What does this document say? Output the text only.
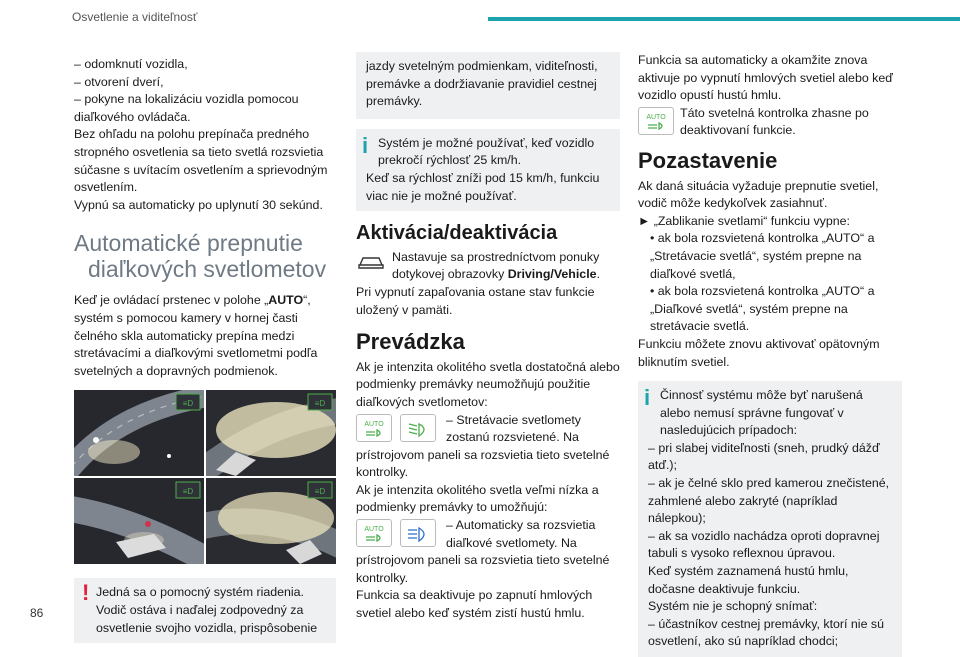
Osvetlenie a viditeľnosť

– odomknutí vozidla,

– otvorení dverí,

– pokyne na lokalizáciu vozidla pomocou

diaľkového ovládača.

Bez ohľadu na polohu prepínača predného

stropného osvetlenia sa tieto svetlá rozsvietia

súčasne s uvítacím osvetlením a sprievodným

osvetlením.

Vypnú sa automaticky po uplynutí 30 sekúnd.

Automatické prepnutie
diaľkových svetlometov

Keď je ovládací prstenec v polohe „AUTO“, systém s pomocou kamery v hornej časti čelného skla automaticky prepína medzi stretávacími a diaľkovými svetlometmi podľa svetelných a dopravných podmienok.

≡D	≡D
≡D	≡D
! Jedná sa o pomocný systém riadenia. Vodič ostáva i naďalej zodpovedný za osvetlenie svojho vozidla, prispôsobenie
jazdy svetelným podmienkam, viditeľnosti, premávke a dodržiavanie pravidiel cestnej premávky.
i Systém je možné používať, keď vozidlo prekročí rýchlosť 25 km/h.
Keď sa rýchlosť zníži pod 15 km/h, funkciu viac nie je možné používať.
Aktivácia/deaktivácia
Nastavuje sa prostredníctvom ponuky dotykovej obrazovky Driving/Vehicle.

Pri vypnutí zapaľovania ostane stav funkcie uložený v pamäti.

Prevádzka

Ak je intenzita okolitého svetla dostatočná alebo podmienky premávky neumožňujú použitie diaľkových svetlometov:

AUTO	– Stretávacie svetlomety zostanú rozsvietené. Na prístrojovom paneli sa rozsvietia tieto svetelné kontrolky.

Ak je intenzita okolitého svetla veľmi nízka a podmienky premávky to umožňujú:

AUTO	– Automaticky sa rozsvietia diaľkové svetlomety. Na prístrojovom paneli sa rozsvietia tieto svetelné kontrolky.

Funkcia sa deaktivuje po zapnutí hmlových svetiel alebo keď systém zistí hustú hmlu.

Funkcia sa automaticky a okamžite znova aktivuje po vypnutí hmlových svetiel alebo keď vozidlo opustí hustú hmlu.

AUTO Táto svetelná kontrolka zhasne po deaktivovaní funkcie.
Pozastavenie

Ak daná situácia vyžaduje prepnutie svetiel, vodič môže kedykoľvek zasiahnuť.

► „Zablikanie svetlami“ funkciu vypne:

• ak bola rozsvietená kontrolka „AUTO“ a „Stretávacie svetlá“, systém prepne na diaľkové svetlá,

• ak bola rozsvietená kontrolka „AUTO“ a „Diaľkové svetlá“, systém prepne na stretávacie svetlá.

Funkciu môžete znovu aktivovať opätovným bliknutím svetiel.

i Činnosť systému môže byť narušená alebo nemusí správne fungovať v nasledujúcich prípadoch:
– pri slabej viditeľnosti (sneh, prudký dážď atď.);
– ak je čelné sklo pred kamerou znečistené, zahmlené alebo zakryté (napríklad nálepkou);
– ak sa vozidlo nachádza oproti dopravnej tabuli s vysoko reflexnou úpravou.
Keď systém zaznamená hustú hmlu, dočasne deaktivuje funkciu.
Systém nie je schopný snímať:
– účastníkov cestnej premávky, ktorí nie sú osvetlení, ako sú napríklad chodci;
86
